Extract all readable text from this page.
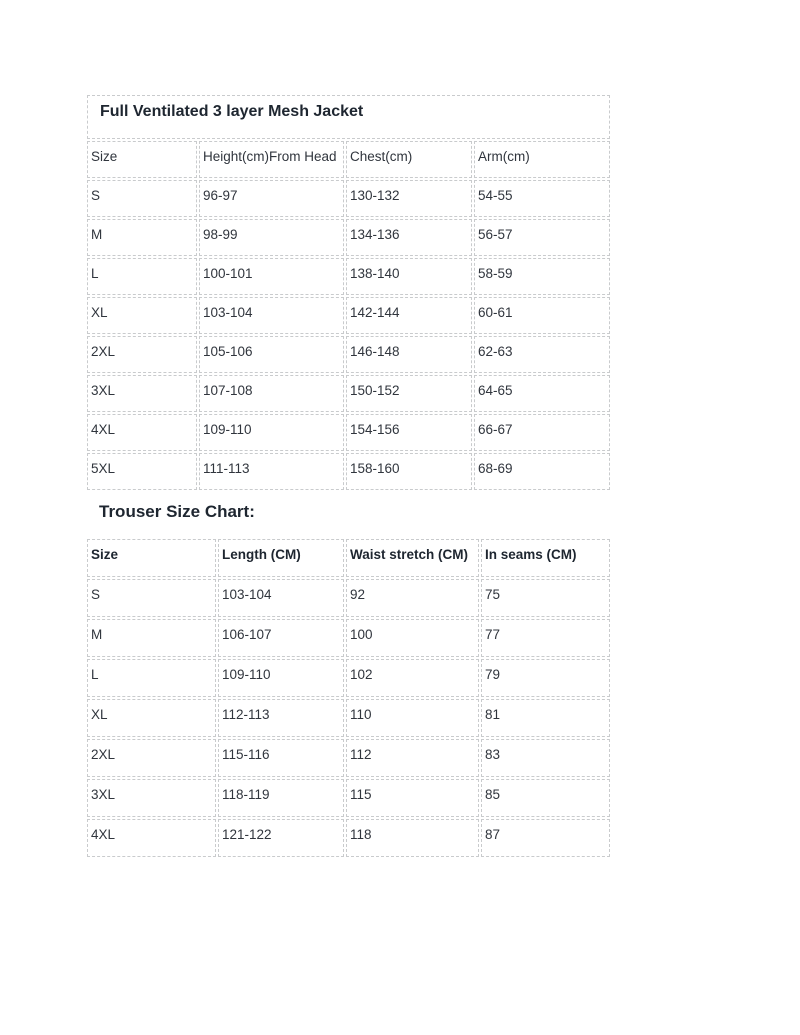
Full Ventilated 3 layer Mesh Jacket			
Size	Height(cm)From Head	Chest(cm)	Arm(cm)
S	96-97	130-132	54-55
M	98-99	134-136	56-57
L	100-101	138-140	58-59
XL	103-104	142-144	60-61
2XL	105-106	146-148	62-63
3XL	107-108	150-152	64-65
4XL	109-110	154-156	66-67
5XL	111-113	158-160	68-69
Trouser Size Chart:
Size	Length (CM)	Waist stretch (CM)	In seams (CM)
S	103-104	92	75
M	106-107	100	77
L	109-110	102	79
XL	112-113	110	81
2XL	115-116	112	83
3XL	118-119	115	85
4XL	121-122	118	87
